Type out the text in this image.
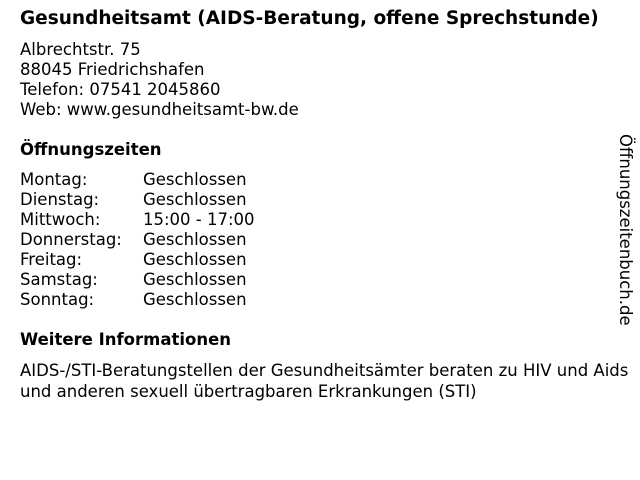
Gesundheitsamt (AIDS-Beratung, offene Sprechstunde)
Albrechtstr. 75
88045 Friedrichshafen
Telefon: 07541 2045860
Web: www.gesundheitsamt-bw.de
Öffnungszeiten
Montag:	Geschlossen
Dienstag:	Geschlossen
Mittwoch:	15:00 - 17:00
Donnerstag:	Geschlossen
Freitag:	Geschlossen
Samstag:	Geschlossen
Sonntag:	Geschlossen
Weitere Informationen
AIDS-/STI-Beratungstellen der Gesundheitsämter beraten zu HIV und Aids und anderen sexuell übertragbaren Erkrankungen (STI)
Öffnungszeitenbuch.de
